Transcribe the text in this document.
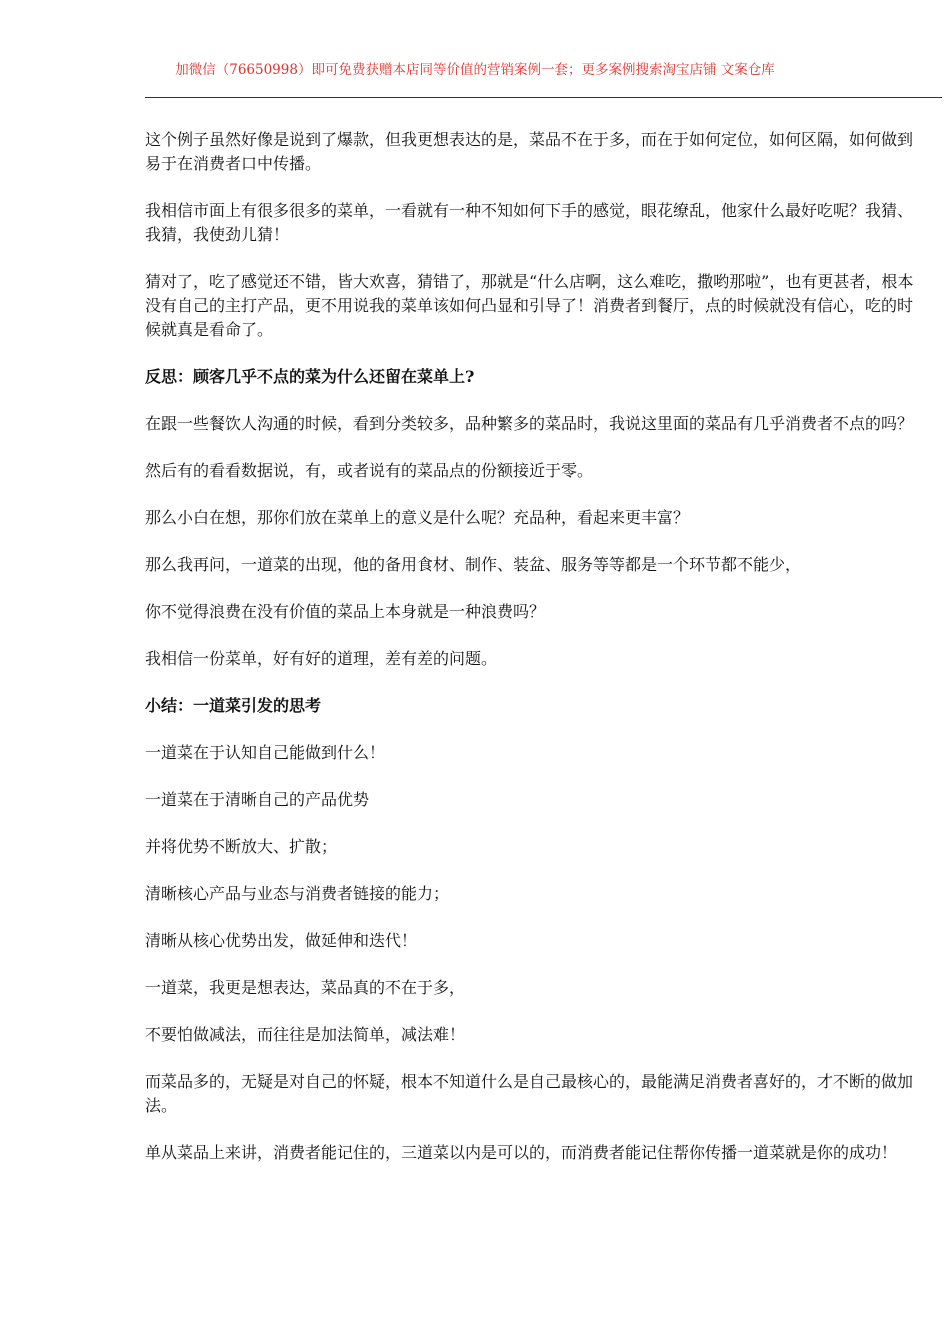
加微信（76650998）即可免费获赠本店同等价值的营销案例一套；更多案例搜索淘宝店铺 文案仓库

这个例子虽然好像是说到了爆款，但我更想表达的是，菜品不在于多，而在于如何定位，如何区隔，如何做到易于在消费者口中传播。

我相信市面上有很多很多的菜单，一看就有一种不知如何下手的感觉，眼花缭乱，他家什么最好吃呢？我猜、我猜，我使劲儿猜！

猜对了，吃了感觉还不错，皆大欢喜，猜错了，那就是“什么店啊，这么难吃，撒哟那啦”，也有更甚者，根本没有自己的主打产品，更不用说我的菜单该如何凸显和引导了！消费者到餐厅，点的时候就没有信心，吃的时候就真是看命了。

反思：顾客几乎不点的菜为什么还留在菜单上?

在跟一些餐饮人沟通的时候，看到分类较多，品种繁多的菜品时，我说这里面的菜品有几乎消费者不点的吗？

然后有的看看数据说，有，或者说有的菜品点的份额接近于零。

那么小白在想，那你们放在菜单上的意义是什么呢？充品种，看起来更丰富？

那么我再问，一道菜的出现，他的备用食材、制作、装盆、服务等等都是一个环节都不能少，

你不觉得浪费在没有价值的菜品上本身就是一种浪费吗？

我相信一份菜单，好有好的道理，差有差的问题。

小结：一道菜引发的思考

一道菜在于认知自己能做到什么！

一道菜在于清晰自己的产品优势

并将优势不断放大、扩散；

清晰核心产品与业态与消费者链接的能力；

清晰从核心优势出发，做延伸和迭代！

一道菜，我更是想表达，菜品真的不在于多，

不要怕做减法，而往往是加法简单，减法难！

而菜品多的，无疑是对自己的怀疑，根本不知道什么是自己最核心的，最能满足消费者喜好的，才不断的做加法。

单从菜品上来讲，消费者能记住的，三道菜以内是可以的，而消费者能记住帮你传播一道菜就是你的成功！
